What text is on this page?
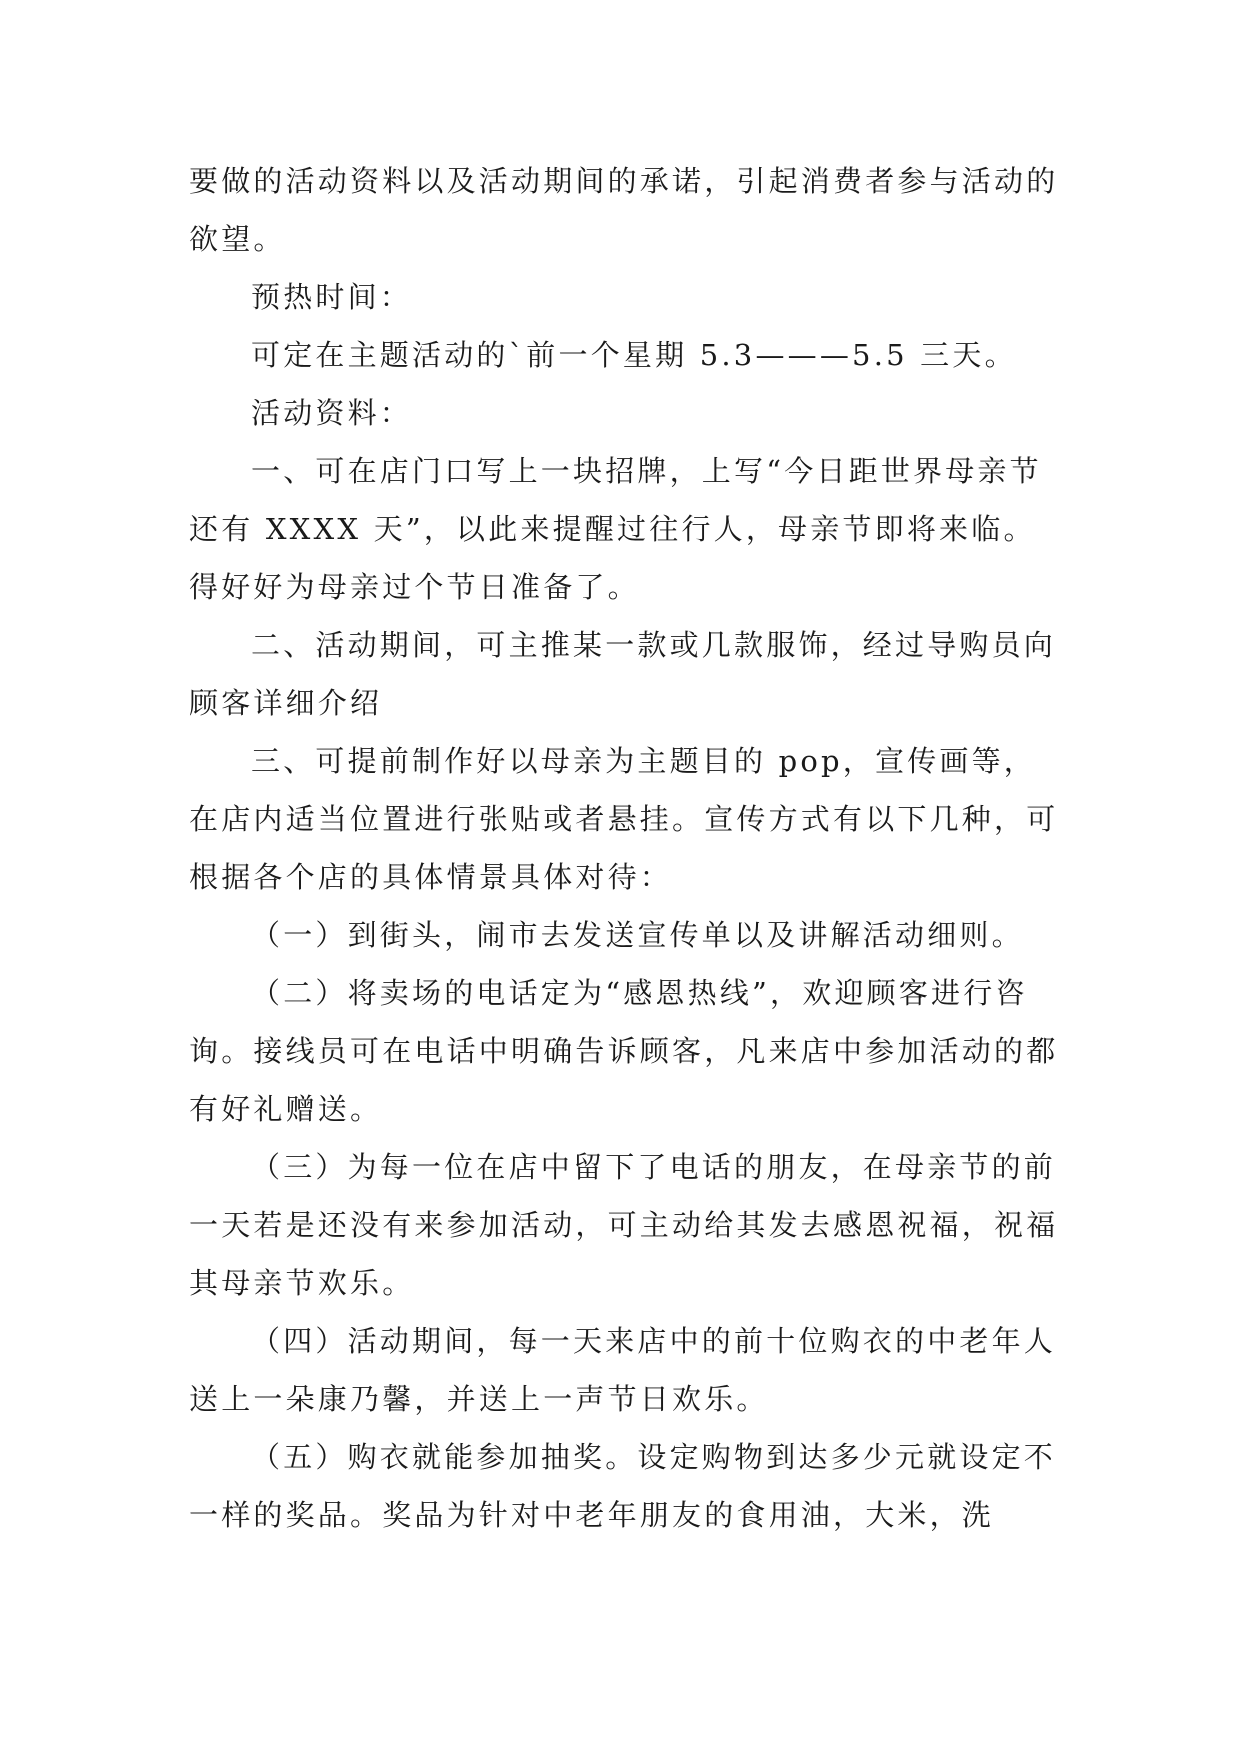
要做的活动资料以及活动期间的承诺，引起消费者参与活动的欲望。

预热时间：

可定在主题活动的`前一个星期 5.3———5.5 三天。

活动资料：

一、可在店门口写上一块招牌，上写“今日距世界母亲节还有 XXXX 天”，以此来提醒过往行人，母亲节即将来临。得好好为母亲过个节日准备了。

二、活动期间，可主推某一款或几款服饰，经过导购员向顾客详细介绍

三、可提前制作好以母亲为主题目的 pop，宣传画等，在店内适当位置进行张贴或者悬挂。宣传方式有以下几种，可根据各个店的具体情景具体对待：

（一）到街头，闹市去发送宣传单以及讲解活动细则。

（二）将卖场的电话定为“感恩热线”，欢迎顾客进行咨询。接线员可在电话中明确告诉顾客，凡来店中参加活动的都有好礼赠送。

（三）为每一位在店中留下了电话的朋友，在母亲节的前一天若是还没有来参加活动，可主动给其发去感恩祝福，祝福其母亲节欢乐。

（四）活动期间，每一天来店中的前十位购衣的中老年人送上一朵康乃馨，并送上一声节日欢乐。

（五）购衣就能参加抽奖。设定购物到达多少元就设定不一样的奖品。奖品为针对中老年朋友的食用油，大米，洗
